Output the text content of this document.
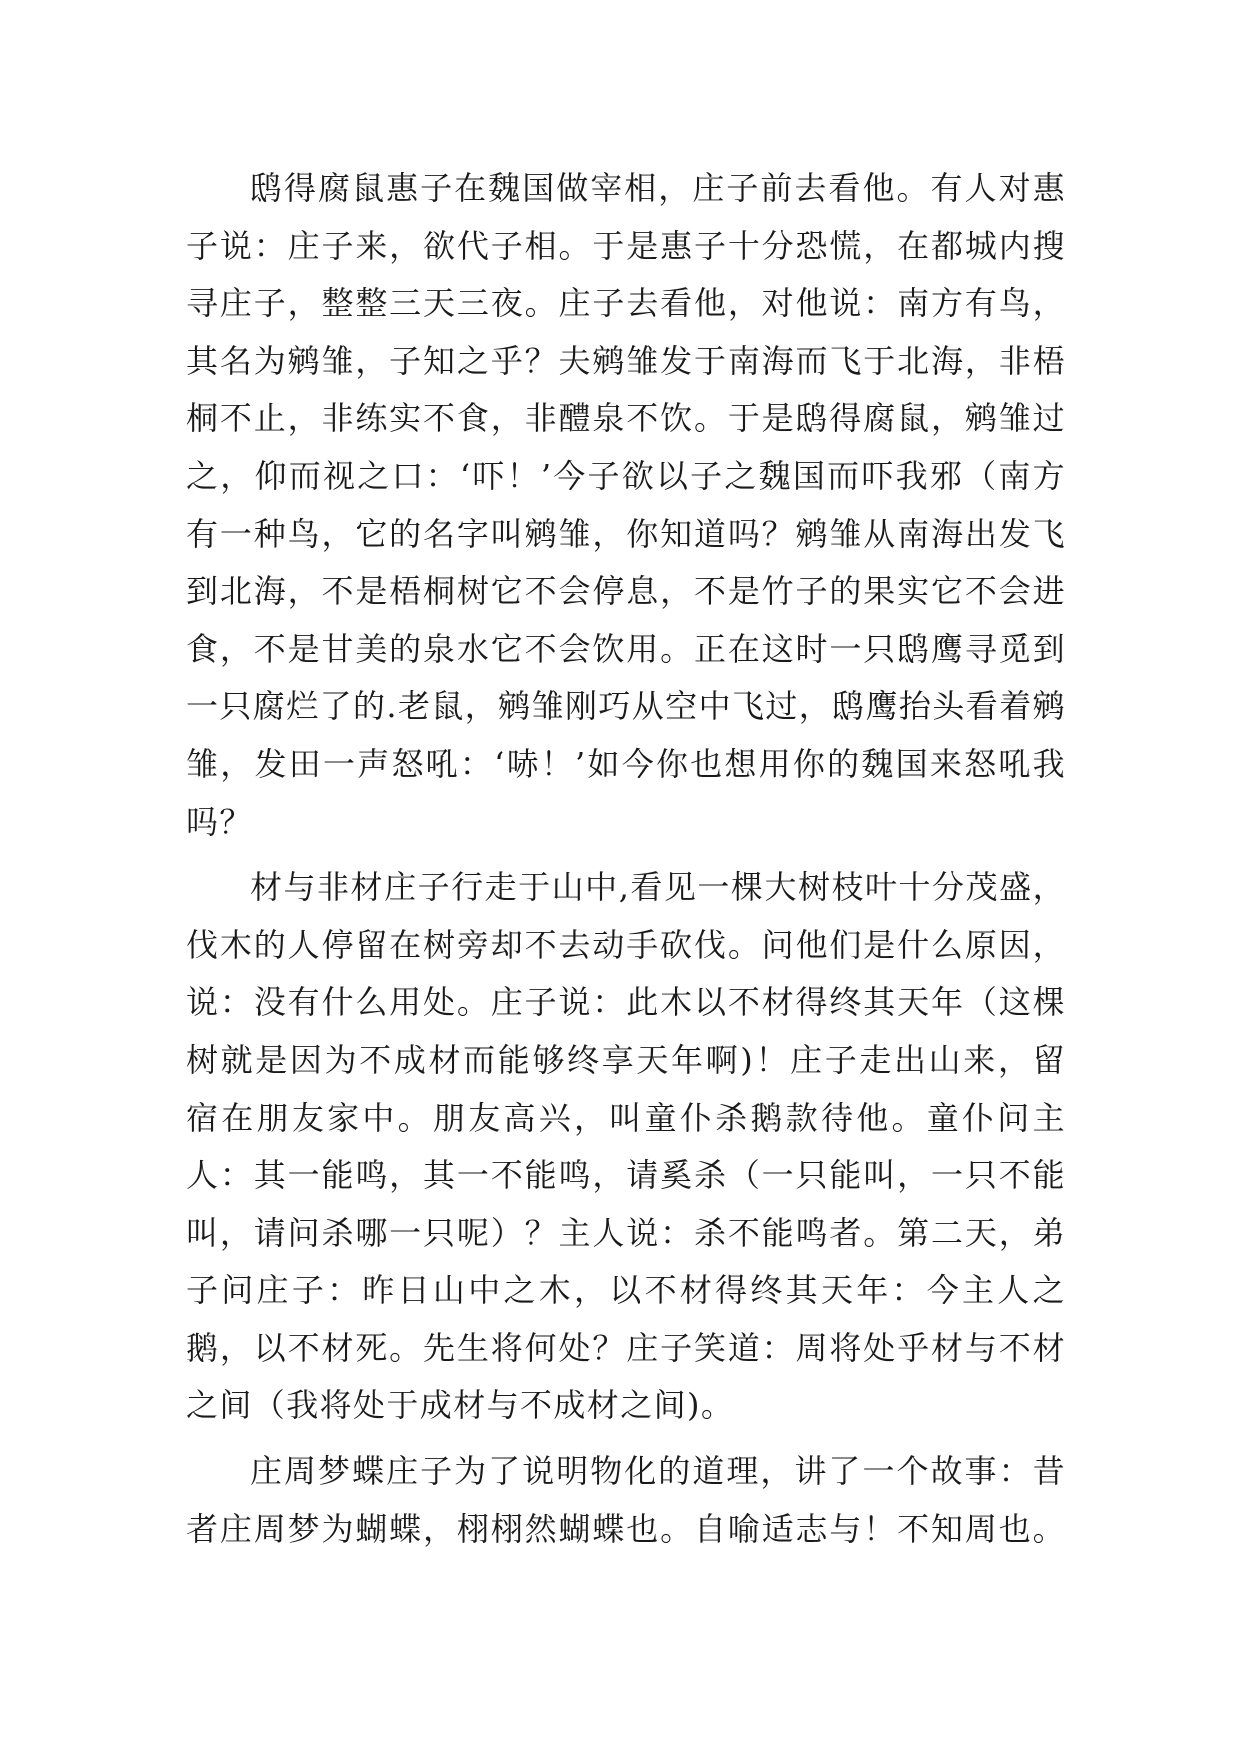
鸱得腐鼠惠子在魏国做宰相，庄子前去看他。有人对惠子说：庄子来，欲代子相。于是惠子十分恐慌，在都城内搜寻庄子，整整三天三夜。庄子去看他，对他说：南方有鸟，其名为鹓雏，子知之乎？夫鹓雏发于南海而飞于北海，非梧桐不止，非练实不食，非醴泉不饮。于是鸱得腐鼠，鹓雏过之，仰而视之口：‘吓！’今子欲以子之魏国而吓我邪（南方有一种鸟，它的名字叫鹓雏，你知道吗？鹓雏从南海出发飞到北海，不是梧桐树它不会停息，不是竹子的果实它不会进食，不是甘美的泉水它不会饮用。正在这时一只鸱鹰寻觅到一只腐烂了的.老鼠，鹓雏刚巧从空中飞过，鸱鹰抬头看着鹓雏，发田一声怒吼：‘哧！’如今你也想用你的魏国来怒吼我吗？

材与非材庄子行走于山中,看见一棵大树枝叶十分茂盛，伐木的人停留在树旁却不去动手砍伐。问他们是什么原因，说：没有什么用处。庄子说：此木以不材得终其天年（这棵树就是因为不成材而能够终享天年啊)！庄子走出山来，留宿在朋友家中。朋友高兴，叫童仆杀鹅款待他。童仆问主人：其一能鸣，其一不能鸣，请奚杀（一只能叫，一只不能叫，请问杀哪一只呢）？主人说：杀不能鸣者。第二天，弟子问庄子：昨日山中之木，以不材得终其天年：今主人之鹅，以不材死。先生将何处？庄子笑道：周将处乎材与不材之间（我将处于成材与不成材之间)。

庄周梦蝶庄子为了说明物化的道理，讲了一个故事：昔者庄周梦为蝴蝶，栩栩然蝴蝶也。自喻适志与！不知周也。
